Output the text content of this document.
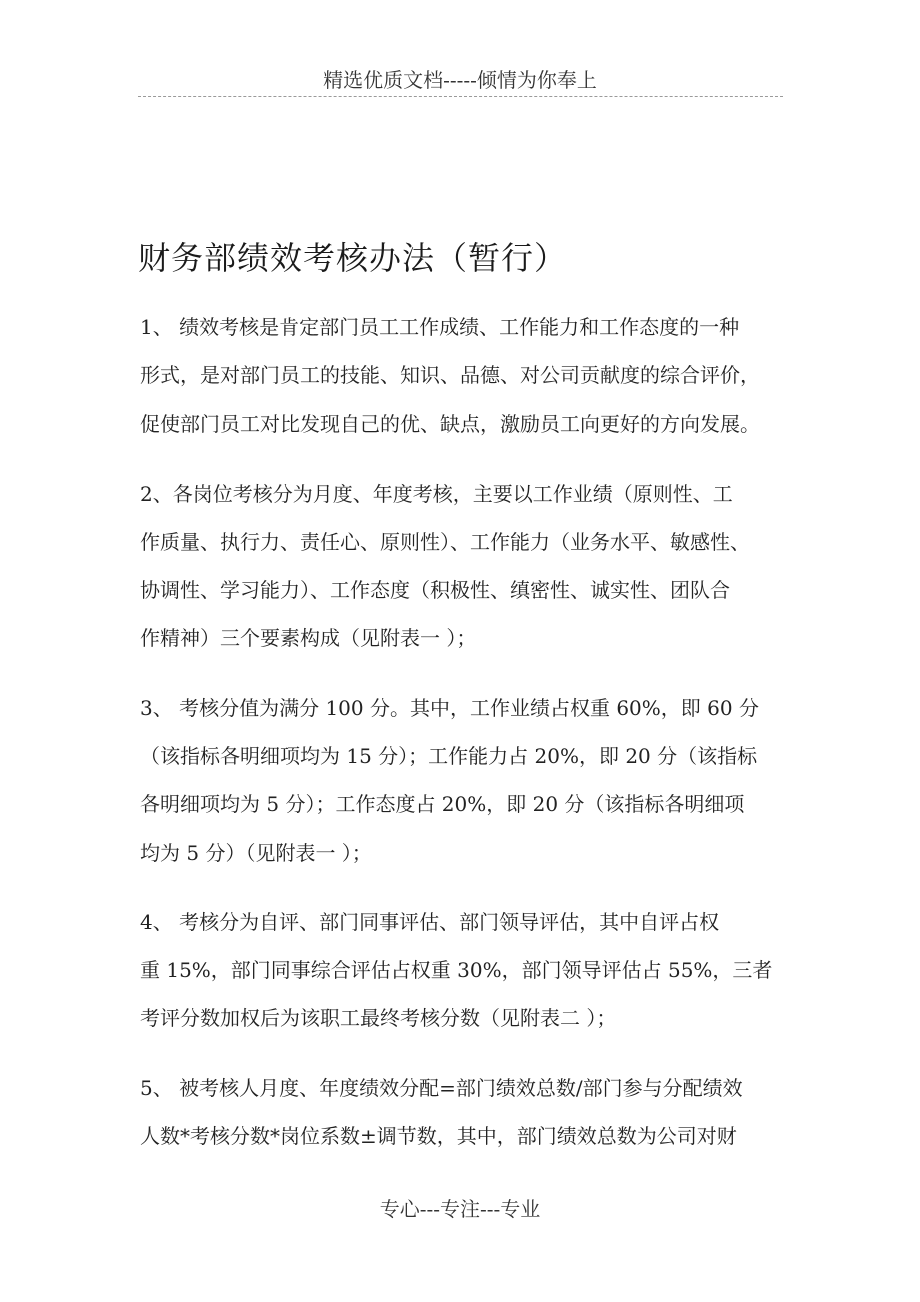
精选优质文档-----倾情为你奉上
财务部绩效考核办法（暂行）

1、 绩效考核是肯定部门员工工作成绩、工作能力和工作态度的一种

形式，是对部门员工的技能、知识、品德、对公司贡献度的综合评价，

促使部门员工对比发现自己的优、缺点，激励员工向更好的方向发展。

2、各岗位考核分为月度、年度考核，主要以工作业绩（原则性、工

作质量、执行力、责任心、原则性）、工作能力（业务水平、敏感性、

协调性、学习能力）、工作态度（积极性、缜密性、诚实性、团队合

作精神）三个要素构成（见附表一 ）；

3、 考核分值为满分 100 分。其中，工作业绩占权重 60%，即 60 分

（该指标各明细项均为 15 分）；工作能力占 20%，即 20 分（该指标

各明细项均为 5 分）；工作态度占 20%，即 20 分（该指标各明细项

均为 5 分）（见附表一 ）；

4、 考核分为自评、部门同事评估、部门领导评估，其中自评占权

重 15%，部门同事综合评估占权重 30%，部门领导评估占 55%，三者

考评分数加权后为该职工最终考核分数（见附表二 ）；

5、 被考核人月度、年度绩效分配=部门绩效总数/部门参与分配绩效

人数*考核分数*岗位系数±调节数，其中，部门绩效总数为公司对财

专心---专注---专业
